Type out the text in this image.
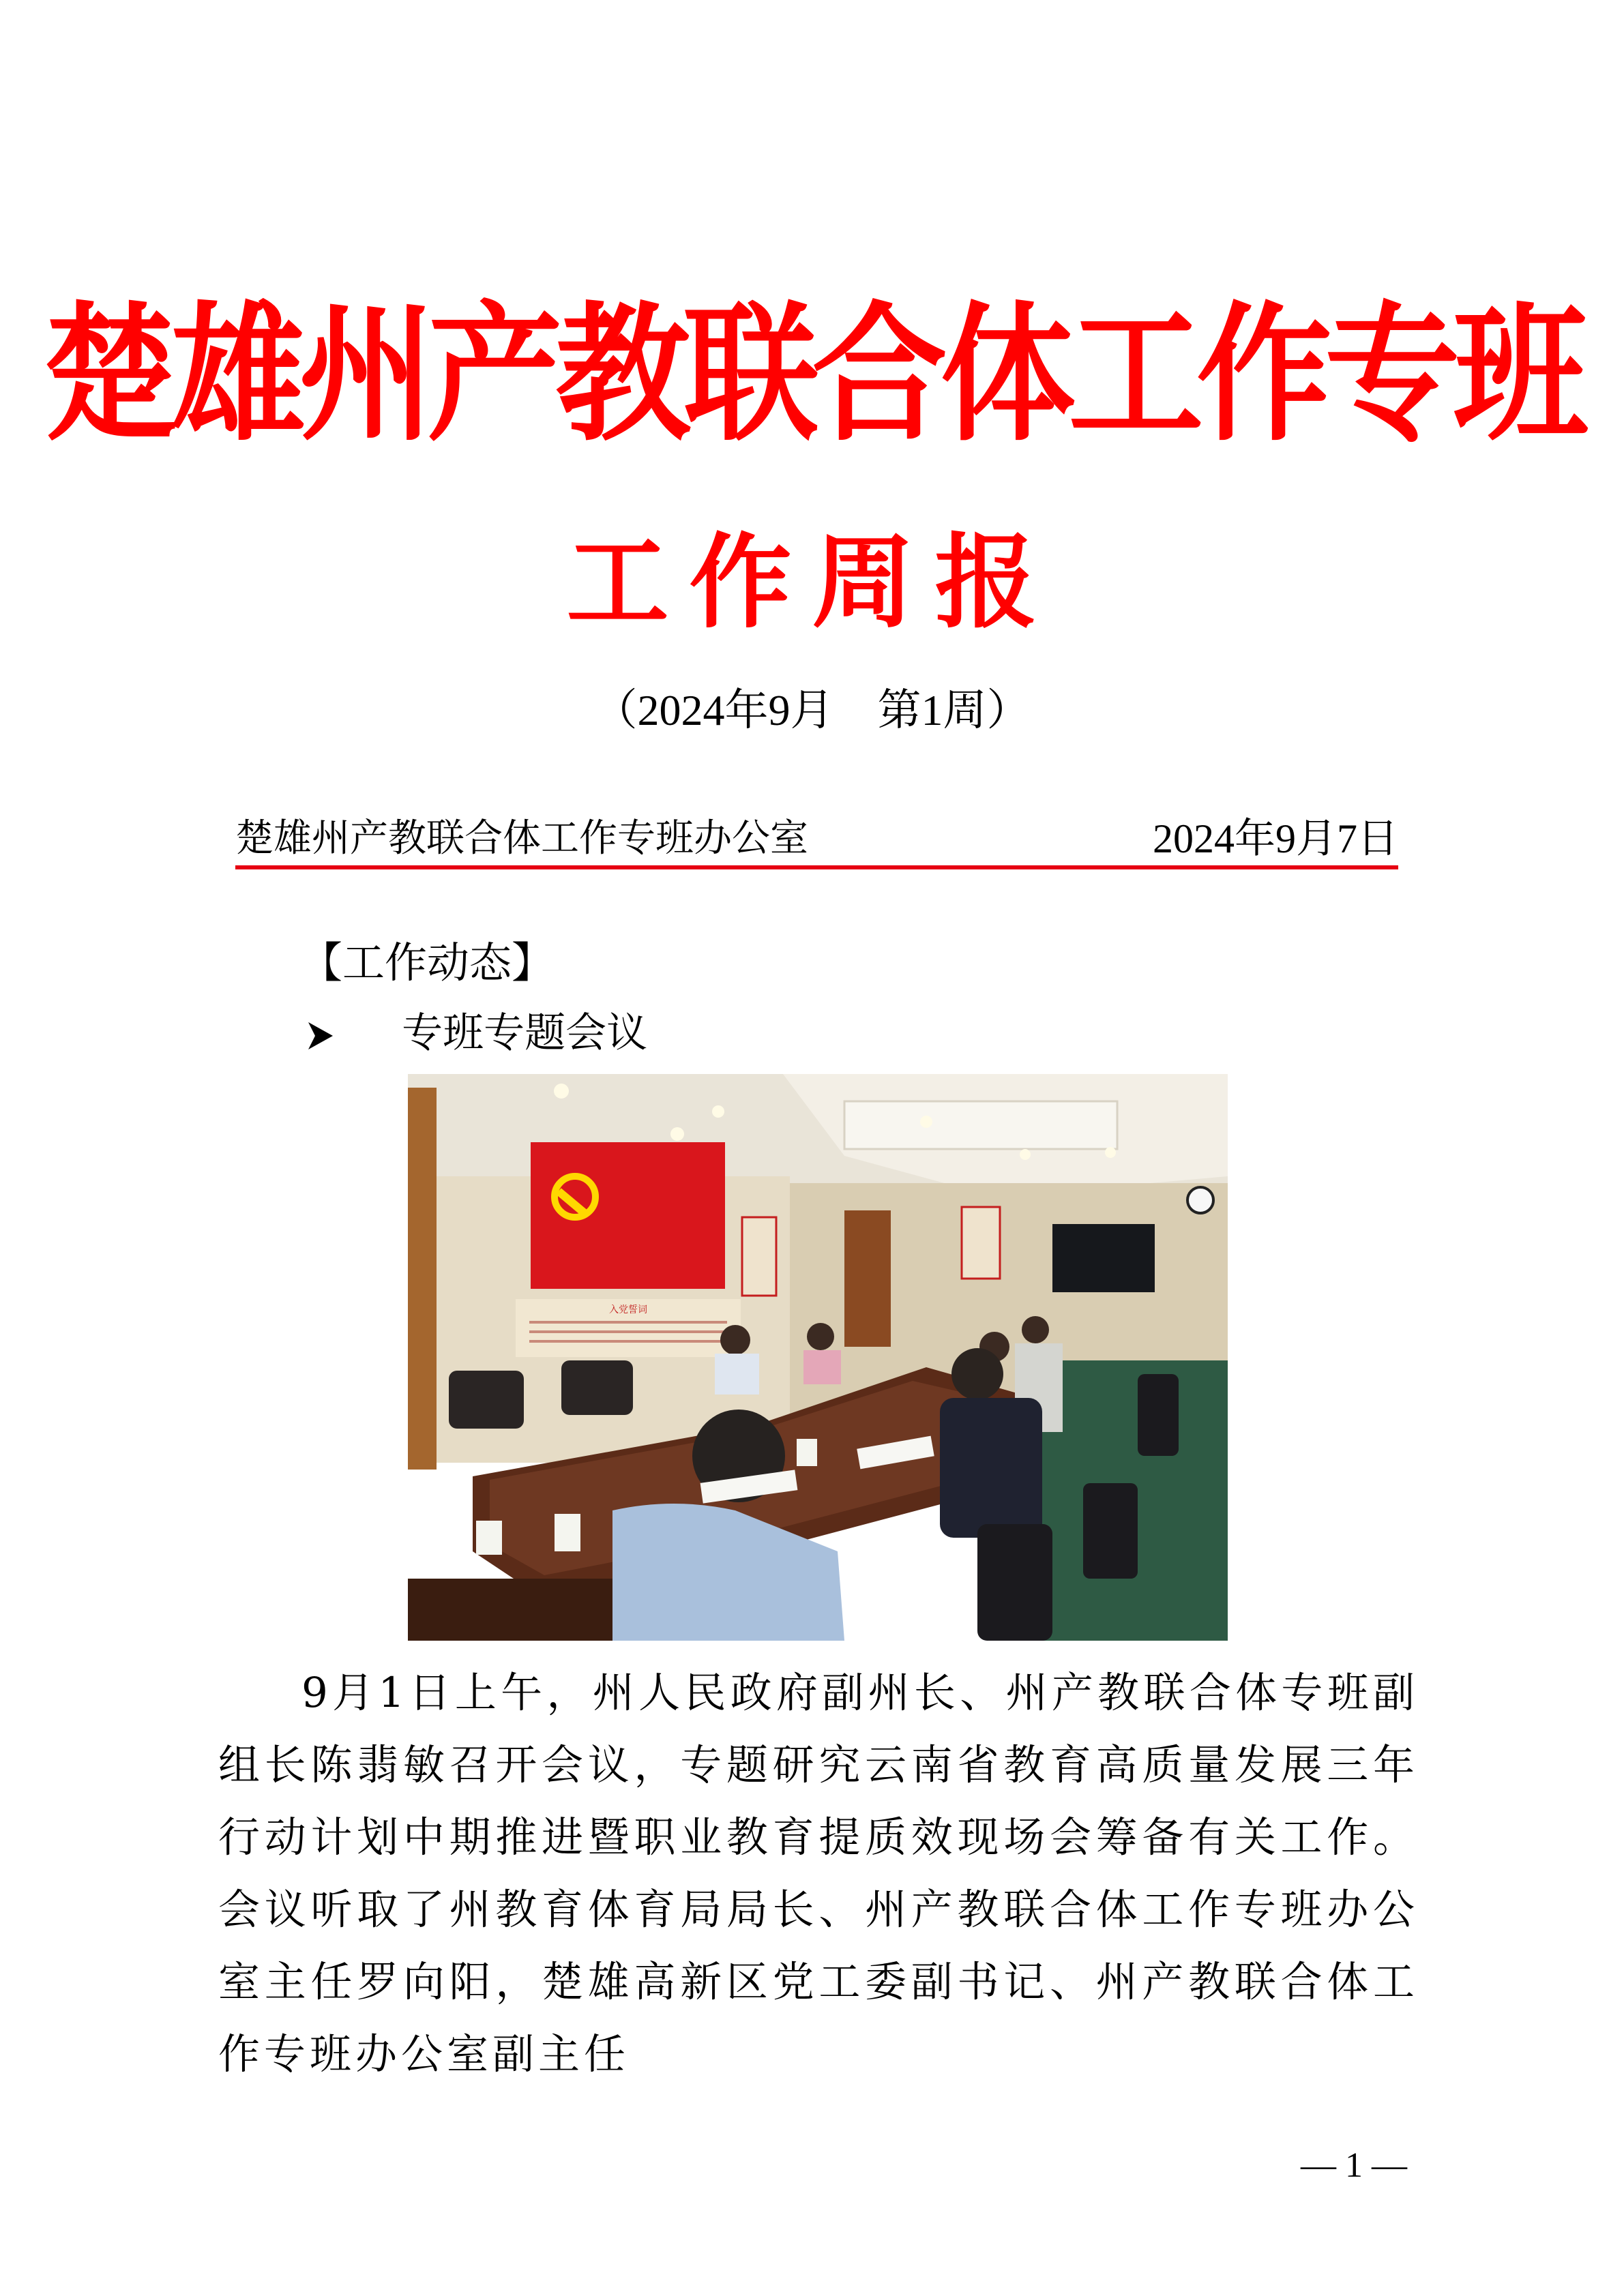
楚雄州产教联合体工作专班
工作周报
（2024年9月　第1周）
楚雄州产教联合体工作专班办公室	2024年9月7日
【工作动态】
专班专题会议
入党誓词

9月1日上午，州人民政府副州长、州产教联合体专班副组长陈翡敏召开会议，专题研究云南省教育高质量发展三年行动计划中期推进暨职业教育提质效现场会筹备有关工作。会议听取了州教育体育局局长、州产教联合体工作专班办公室主任罗向阳，楚雄高新区党工委副书记、州产教联合体工作专班办公室副主任

— 1 —
